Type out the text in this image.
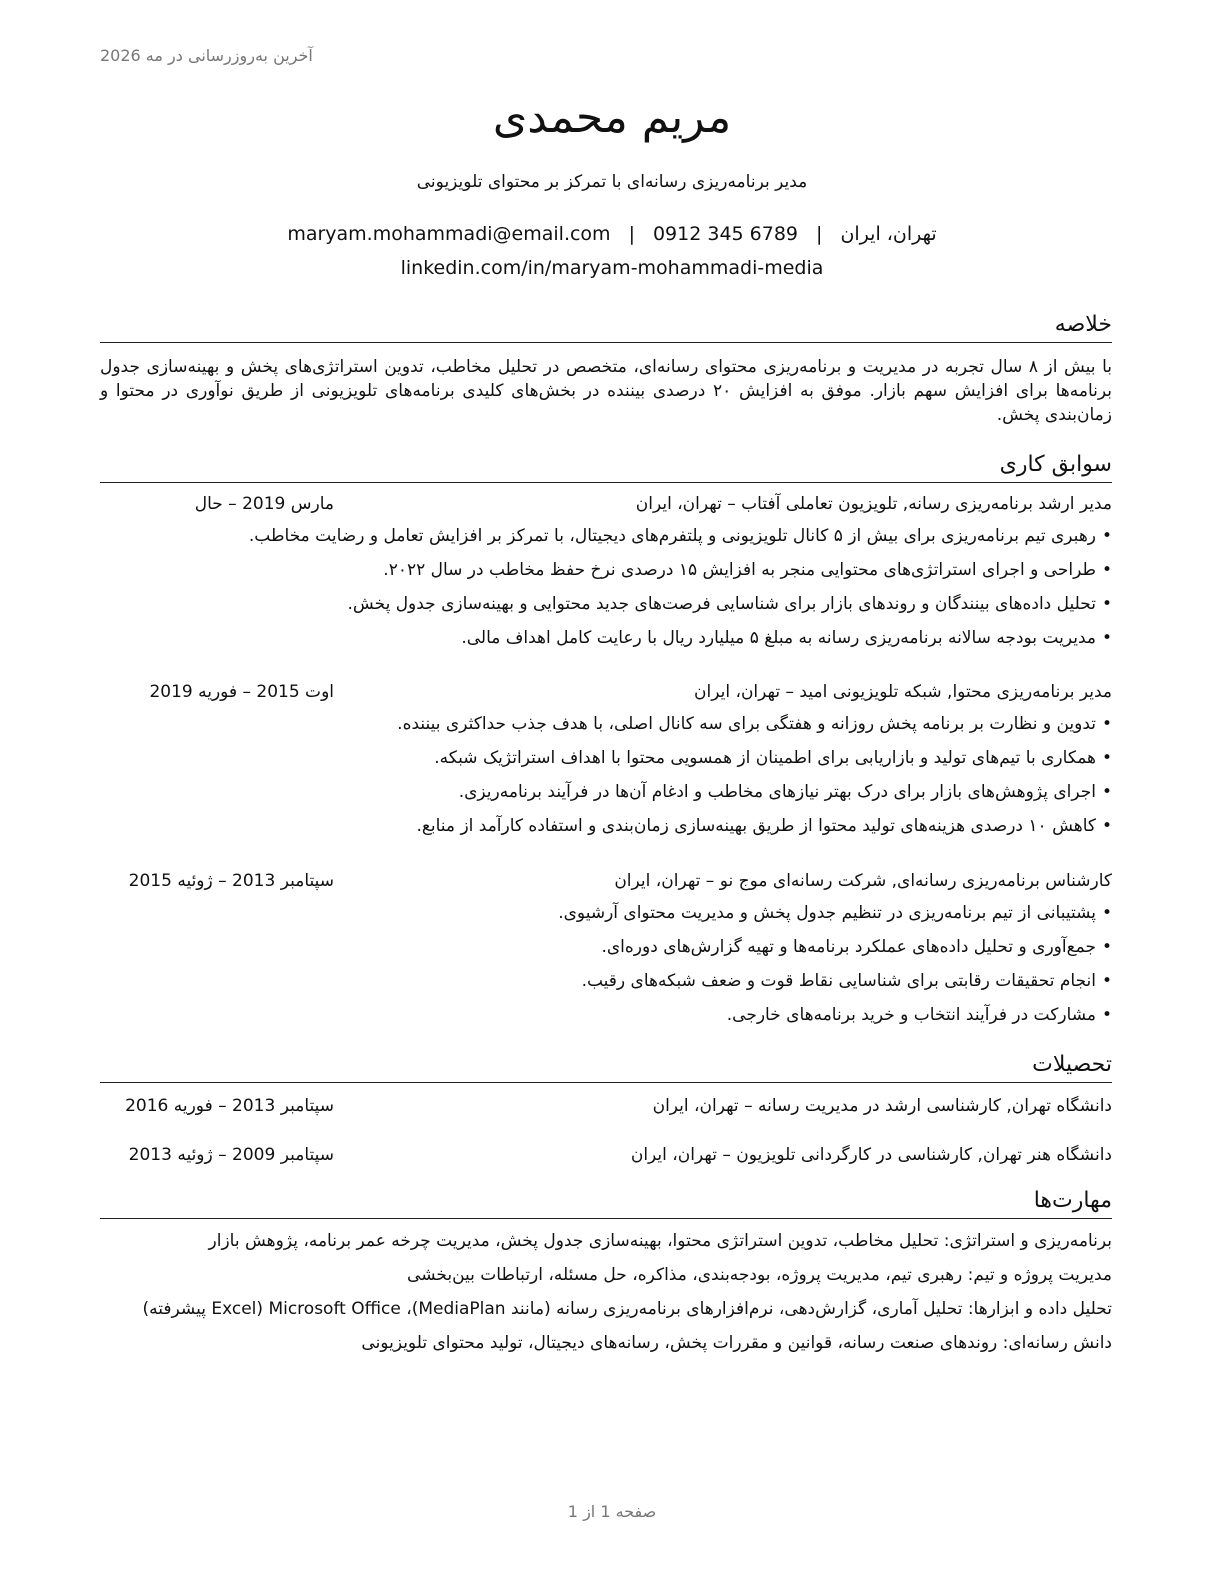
آخرین به‌روزرسانی در مه 2026
مریم محمدی
مدیر برنامه‌ریزی رسانه‌ای با تمرکز بر محتوای تلویزیونی
تهران، ایران|maryam.mohammadi@email.com | 0912 345 6789
linkedin.com/in/maryam-mohammadi-media
خلاصه
با بیش از ۸ سال تجربه در مدیریت و برنامه‌ریزی محتوای رسانه‌ای، متخصص در تحلیل مخاطب، تدوین استراتژی‌های پخش و بهینه‌سازی جدول برنامه‌ها برای افزایش سهم بازار. موفق به افزایش ۲۰ درصدی بیننده در بخش‌های کلیدی برنامه‌های تلویزیونی از طریق نوآوری در محتوا و زمان‌بندی پخش.
سوابق کاری
مدیر ارشد برنامه‌ریزی رسانه, تلویزیون تعاملی آفتاب – تهران، ایران
مارس 2019 – حال
• رهبری تیم برنامه‌ریزی برای بیش از ۵ کانال تلویزیونی و پلتفرم‌های دیجیتال، با تمرکز بر افزایش تعامل و رضایت مخاطب.
• طراحی و اجرای استراتژی‌های محتوایی منجر به افزایش ۱۵ درصدی نرخ حفظ مخاطب در سال ۲۰۲۲.
• تحلیل داده‌های بینندگان و روندهای بازار برای شناسایی فرصت‌های جدید محتوایی و بهینه‌سازی جدول پخش.
• مدیریت بودجه سالانه برنامه‌ریزی رسانه به مبلغ ۵ میلیارد ریال با رعایت کامل اهداف مالی.
مدیر برنامه‌ریزی محتوا, شبکه تلویزیونی امید – تهران، ایران
اوت 2015 – فوریه 2019
• تدوین و نظارت بر برنامه پخش روزانه و هفتگی برای سه کانال اصلی، با هدف جذب حداکثری بیننده.
• همکاری با تیم‌های تولید و بازاریابی برای اطمینان از همسویی محتوا با اهداف استراتژیک شبکه.
• اجرای پژوهش‌های بازار برای درک بهتر نیازهای مخاطب و ادغام آن‌ها در فرآیند برنامه‌ریزی.
• کاهش ۱۰ درصدی هزینه‌های تولید محتوا از طریق بهینه‌سازی زمان‌بندی و استفاده کارآمد از منابع.
کارشناس برنامه‌ریزی رسانه‌ای, شرکت رسانه‌ای موج نو – تهران، ایران
سپتامبر 2013 – ژوئیه 2015
• پشتیبانی از تیم برنامه‌ریزی در تنظیم جدول پخش و مدیریت محتوای آرشیوی.
• جمع‌آوری و تحلیل داده‌های عملکرد برنامه‌ها و تهیه گزارش‌های دوره‌ای.
• انجام تحقیقات رقابتی برای شناسایی نقاط قوت و ضعف شبکه‌های رقیب.
• مشارکت در فرآیند انتخاب و خرید برنامه‌های خارجی.
تحصیلات
دانشگاه تهران, کارشناسی ارشد در مدیریت رسانه – تهران، ایران
سپتامبر 2013 – فوریه 2016
دانشگاه هنر تهران, کارشناسی در کارگردانی تلویزیون – تهران، ایران
سپتامبر 2009 – ژوئیه 2013
مهارت‌ها
برنامه‌ریزی و استراتژی: تحلیل مخاطب، تدوین استراتژی محتوا، بهینه‌سازی جدول پخش، مدیریت چرخه عمر برنامه، پژوهش بازار
مدیریت پروژه و تیم: رهبری تیم، مدیریت پروژه، بودجه‌بندی، مذاکره، حل مسئله، ارتباطات بین‌بخشی
تحلیل داده و ابزارها: تحلیل آماری، گزارش‌دهی، نرم‌افزارهای برنامه‌ریزی رسانه (مانند MediaPlan)، Microsoft Office (Excel پیشرفته)
دانش رسانه‌ای: روندهای صنعت رسانه، قوانین و مقررات پخش، رسانه‌های دیجیتال، تولید محتوای تلویزیونی
صفحه 1 از 1
